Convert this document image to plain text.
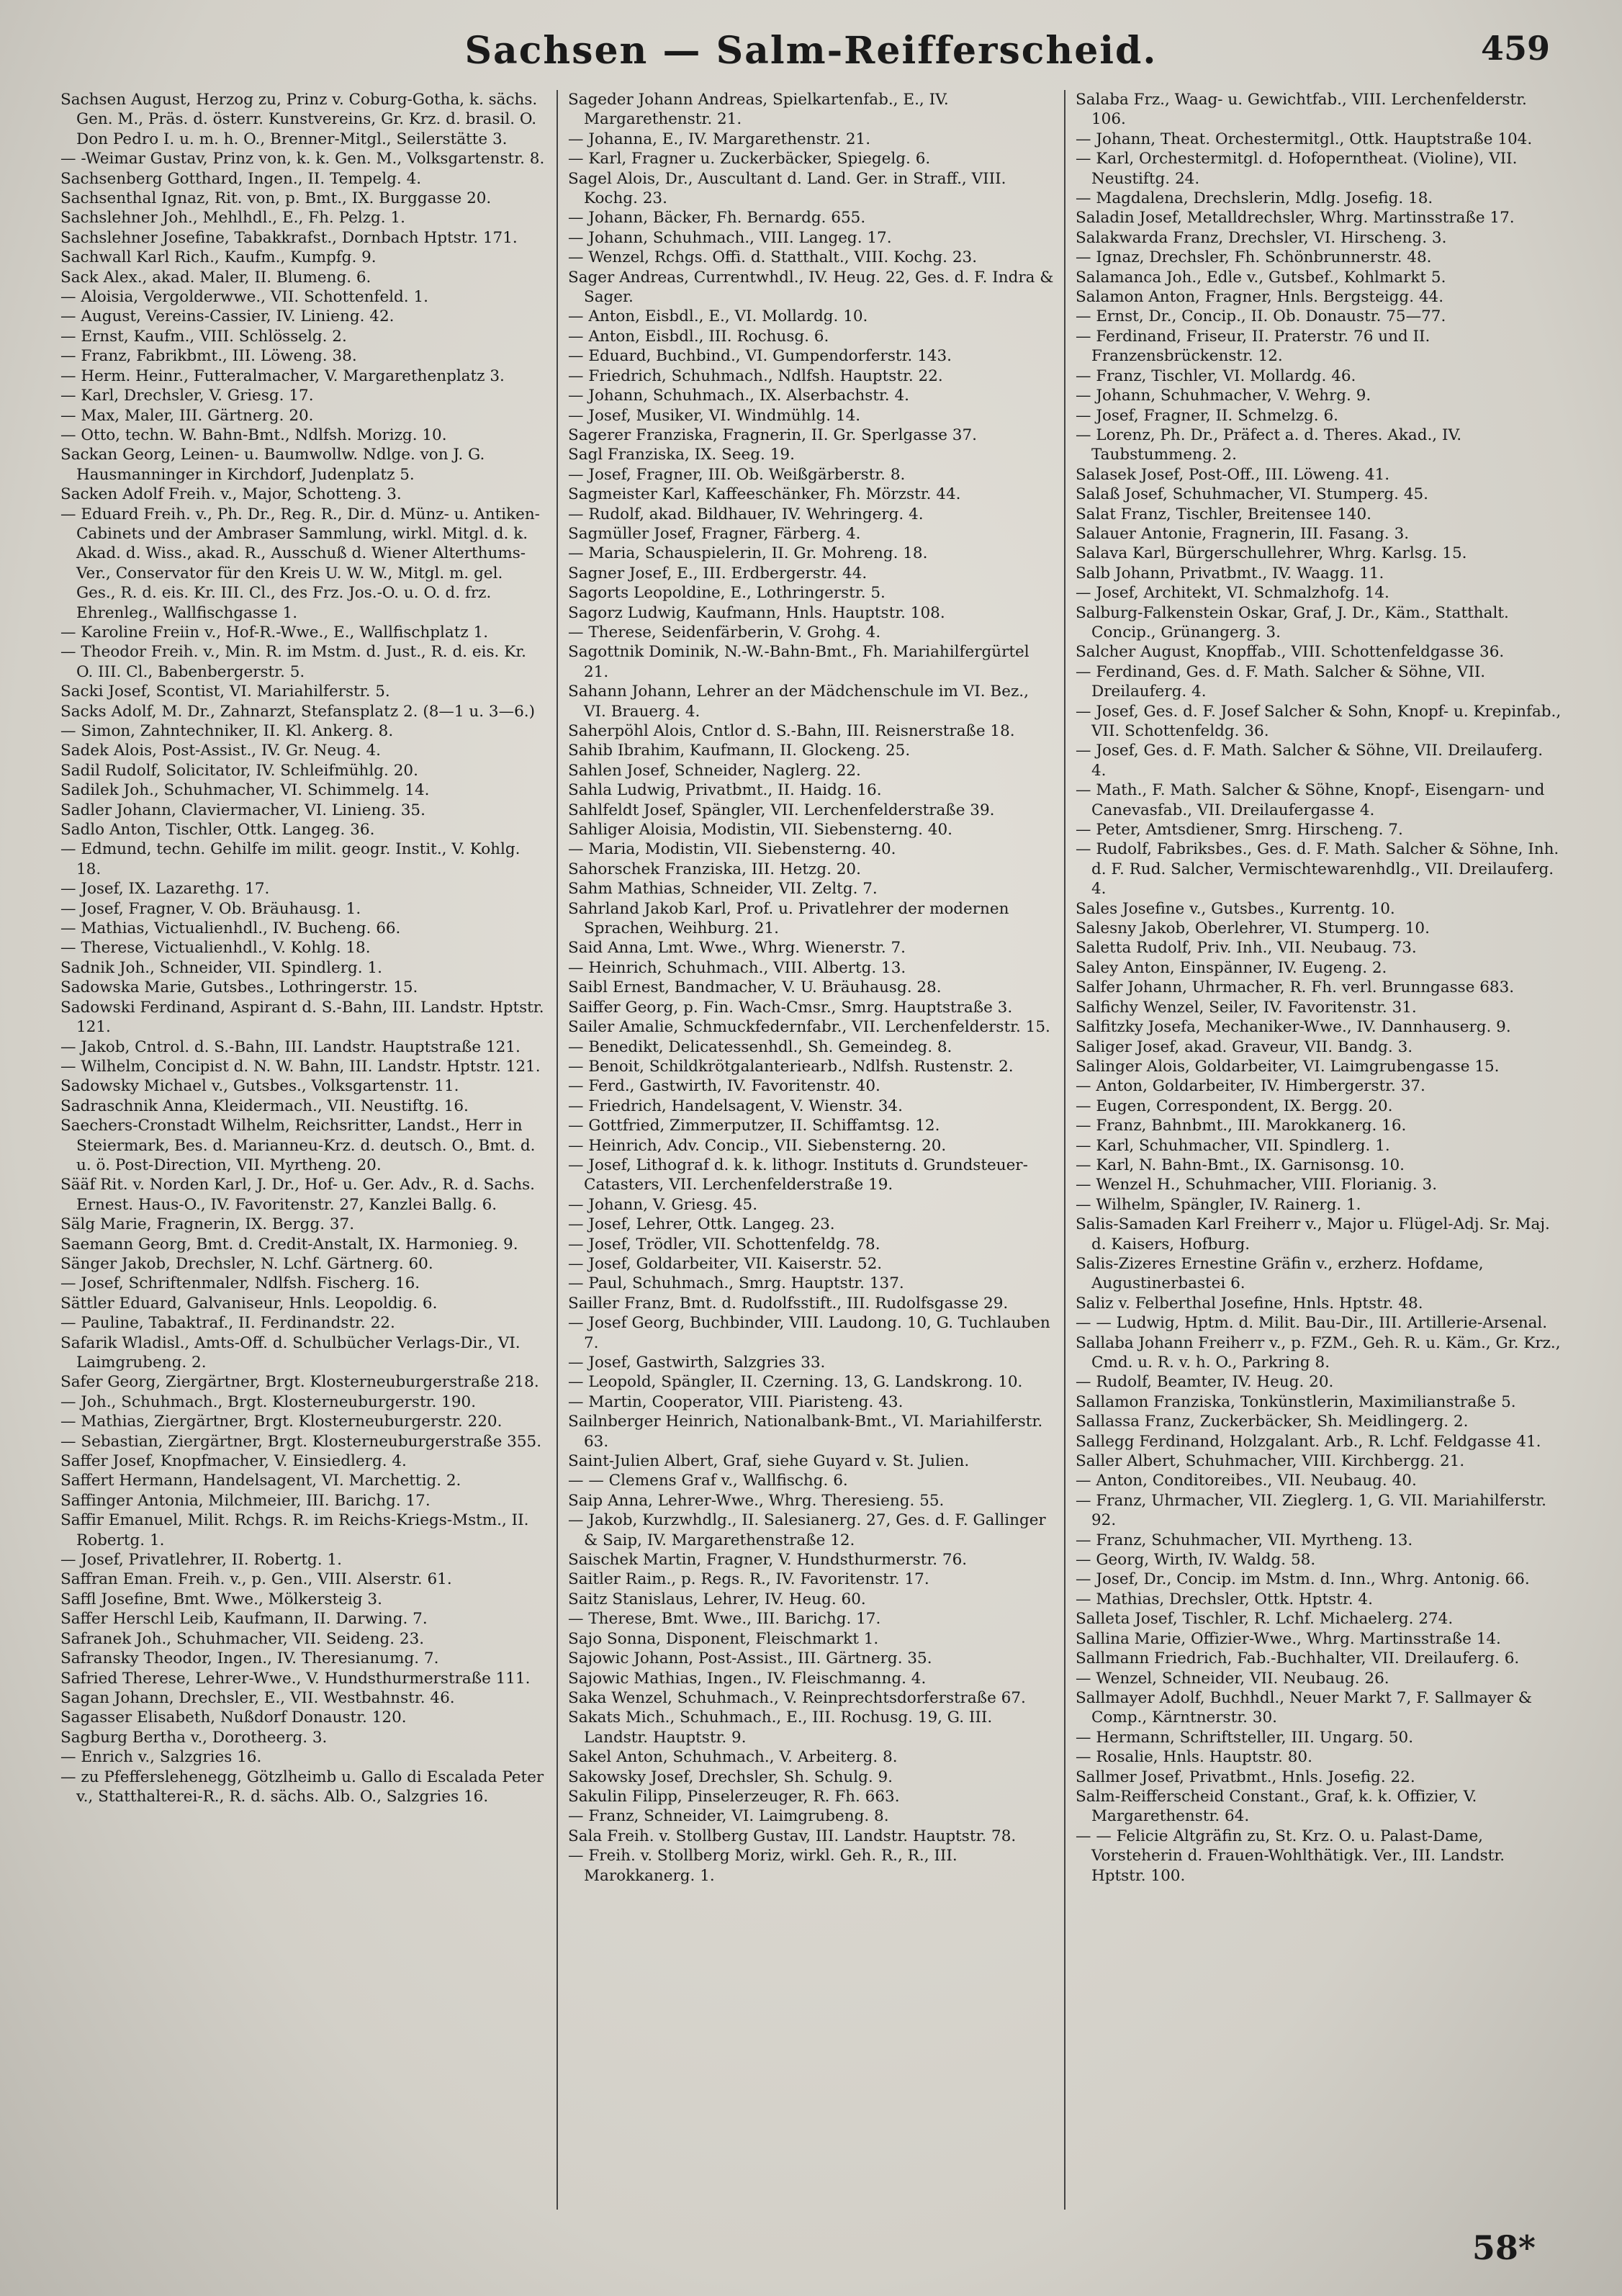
Sachsen — Salm-Reifferscheid.	459

Sachsen August, Herzog zu, Prinz v. Coburg-Gotha, k. sächs. Gen. M., Präs. d. österr. Kunstvereins, Gr. Krz. d. brasil. O. Don Pedro I. u. m. h. O., Brenner-Mitgl., Seilerstätte 3.

— -Weimar Gustav, Prinz von, k. k. Gen. M., Volksgartenstr. 8.

Sachsenberg Gotthard, Ingen., II. Tempelg. 4.

Sachsenthal Ignaz, Rit. von, p. Bmt., IX. Burggasse 20.

Sachslehner Joh., Mehlhdl., E., Fh. Pelzg. 1.

Sachslehner Josefine, Tabakkrafst., Dornbach Hptstr. 171.

Sachwall Karl Rich., Kaufm., Kumpfg. 9.

Sack Alex., akad. Maler, II. Blumeng. 6.

— Aloisia, Vergolderwwe., VII. Schottenfeld. 1.

— August, Vereins-Cassier, IV. Linieng. 42.

— Ernst, Kaufm., VIII. Schlösselg. 2.

— Franz, Fabrikbmt., III. Löweng. 38.

— Herm. Heinr., Futteralmacher, V. Margarethenplatz 3.

— Karl, Drechsler, V. Griesg. 17.

— Max, Maler, III. Gärtnerg. 20.

— Otto, techn. W. Bahn-Bmt., Ndlfsh. Morizg. 10.

Sackan Georg, Leinen- u. Baumwollw. Ndlge. von J. G. Hausmanninger in Kirchdorf, Judenplatz 5.

Sacken Adolf Freih. v., Major, Schotteng. 3.

— Eduard Freih. v., Ph. Dr., Reg. R., Dir. d. Münz- u. Antiken-Cabinets und der Ambraser Sammlung, wirkl. Mitgl. d. k. Akad. d. Wiss., akad. R., Ausschuß d. Wiener Alterthums-Ver., Conservator für den Kreis U. W. W., Mitgl. m. gel. Ges., R. d. eis. Kr. III. Cl., des Frz. Jos.-O. u. O. d. frz. Ehrenleg., Wallfischgasse 1.

— Karoline Freiin v., Hof-R.-Wwe., E., Wallfischplatz 1.

— Theodor Freih. v., Min. R. im Mstm. d. Just., R. d. eis. Kr. O. III. Cl., Babenbergerstr. 5.

Sacki Josef, Scontist, VI. Mariahilferstr. 5.

Sacks Adolf, M. Dr., Zahnarzt, Stefansplatz 2. (8—1 u. 3—6.)

— Simon, Zahntechniker, II. Kl. Ankerg. 8.

Sadek Alois, Post-Assist., IV. Gr. Neug. 4.

Sadil Rudolf, Solicitator, IV. Schleifmühlg. 20.

Sadilek Joh., Schuhmacher, VI. Schimmelg. 14.

Sadler Johann, Claviermacher, VI. Linieng. 35.

Sadlo Anton, Tischler, Ottk. Langeg. 36.

— Edmund, techn. Gehilfe im milit. geogr. Instit., V. Kohlg. 18.

— Josef, IX. Lazarethg. 17.

— Josef, Fragner, V. Ob. Bräuhausg. 1.

— Mathias, Victualienhdl., IV. Bucheng. 66.

— Therese, Victualienhdl., V. Kohlg. 18.

Sadnik Joh., Schneider, VII. Spindlerg. 1.

Sadowska Marie, Gutsbes., Lothringerstr. 15.

Sadowski Ferdinand, Aspirant d. S.-Bahn, III. Landstr. Hptstr. 121.

— Jakob, Cntrol. d. S.-Bahn, III. Landstr. Hauptstraße 121.

— Wilhelm, Concipist d. N. W. Bahn, III. Landstr. Hptstr. 121.

Sadowsky Michael v., Gutsbes., Volksgartenstr. 11.

Sadraschnik Anna, Kleidermach., VII. Neustiftg. 16.

Saechers-Cronstadt Wilhelm, Reichsritter, Landst., Herr in Steiermark, Bes. d. Marianneu-Krz. d. deutsch. O., Bmt. d. u. ö. Post-Direction, VII. Myrtheng. 20.

Sääf Rit. v. Norden Karl, J. Dr., Hof- u. Ger. Adv., R. d. Sachs. Ernest. Haus-O., IV. Favoritenstr. 27, Kanzlei Ballg. 6.

Sälg Marie, Fragnerin, IX. Bergg. 37.

Saemann Georg, Bmt. d. Credit-Anstalt, IX. Harmonieg. 9.

Sänger Jakob, Drechsler, N. Lchf. Gärtnerg. 60.

— Josef, Schriftenmaler, Ndlfsh. Fischerg. 16.

Sättler Eduard, Galvaniseur, Hnls. Leopoldig. 6.

— Pauline, Tabaktraf., II. Ferdinandstr. 22.

Safarik Wladisl., Amts-Off. d. Schulbücher Verlags-Dir., VI. Laimgrubeng. 2.

Safer Georg, Ziergärtner, Brgt. Klosterneuburgerstraße 218.

— Joh., Schuhmach., Brgt. Klosterneuburgerstr. 190.

— Mathias, Ziergärtner, Brgt. Klosterneuburgerstr. 220.

— Sebastian, Ziergärtner, Brgt. Klosterneuburgerstraße 355.

Saffer Josef, Knopfmacher, V. Einsiedlerg. 4.

Saffert Hermann, Handelsagent, VI. Marchettig. 2.

Saffinger Antonia, Milchmeier, III. Barichg. 17.

Saffir Emanuel, Milit. Rchgs. R. im Reichs-Kriegs-Mstm., II. Robertg. 1.

— Josef, Privatlehrer, II. Robertg. 1.

Saffran Eman. Freih. v., p. Gen., VIII. Alserstr. 61.

Saffl Josefine, Bmt. Wwe., Mölkersteig 3.

Saffer Herschl Leib, Kaufmann, II. Darwing. 7.

Safranek Joh., Schuhmacher, VII. Seideng. 23.

Safransky Theodor, Ingen., IV. Theresianumg. 7.

Safried Therese, Lehrer-Wwe., V. Hundsthurmerstraße 111.

Sagan Johann, Drechsler, E., VII. Westbahnstr. 46.

Sagasser Elisabeth, Nußdorf Donaustr. 120.

Sagburg Bertha v., Dorotheerg. 3.

— Enrich v., Salzgries 16.

— zu Pfefferslehenegg, Götzlheimb u. Gallo di Escalada Peter v., Statthalterei-R., R. d. sächs. Alb. O., Salzgries 16.

Sageder Johann Andreas, Spielkartenfab., E., IV. Margarethenstr. 21.

— Johanna, E., IV. Margarethenstr. 21.

— Karl, Fragner u. Zuckerbäcker, Spiegelg. 6.

Sagel Alois, Dr., Auscultant d. Land. Ger. in Straff., VIII. Kochg. 23.

— Johann, Bäcker, Fh. Bernardg. 655.

— Johann, Schuhmach., VIII. Langeg. 17.

— Wenzel, Rchgs. Offi. d. Statthalt., VIII. Kochg. 23.

Sager Andreas, Currentwhdl., IV. Heug. 22, Ges. d. F. Indra & Sager.

— Anton, Eisbdl., E., VI. Mollardg. 10.

— Anton, Eisbdl., III. Rochusg. 6.

— Eduard, Buchbind., VI. Gumpendorferstr. 143.

— Friedrich, Schuhmach., Ndlfsh. Hauptstr. 22.

— Johann, Schuhmach., IX. Alserbachstr. 4.

— Josef, Musiker, VI. Windmühlg. 14.

Sagerer Franziska, Fragnerin, II. Gr. Sperlgasse 37.

Sagl Franziska, IX. Seeg. 19.

— Josef, Fragner, III. Ob. Weißgärberstr. 8.

Sagmeister Karl, Kaffeeschänker, Fh. Mörzstr. 44.

— Rudolf, akad. Bildhauer, IV. Wehringerg. 4.

Sagmüller Josef, Fragner, Färberg. 4.

— Maria, Schauspielerin, II. Gr. Mohreng. 18.

Sagner Josef, E., III. Erdbergerstr. 44.

Sagorts Leopoldine, E., Lothringerstr. 5.

Sagorz Ludwig, Kaufmann, Hnls. Hauptstr. 108.

— Therese, Seidenfärberin, V. Grohg. 4.

Sagottnik Dominik, N.-W.-Bahn-Bmt., Fh. Mariahilfergürtel 21.

Sahann Johann, Lehrer an der Mädchenschule im VI. Bez., VI. Brauerg. 4.

Saherpöhl Alois, Cntlor d. S.-Bahn, III. Reisnerstraße 18.

Sahib Ibrahim, Kaufmann, II. Glockeng. 25.

Sahlen Josef, Schneider, Naglerg. 22.

Sahla Ludwig, Privatbmt., II. Haidg. 16.

Sahlfeldt Josef, Spängler, VII. Lerchenfelderstraße 39.

Sahliger Aloisia, Modistin, VII. Siebensterng. 40.

— Maria, Modistin, VII. Siebensterng. 40.

Sahorschek Franziska, III. Hetzg. 20.

Sahm Mathias, Schneider, VII. Zeltg. 7.

Sahrland Jakob Karl, Prof. u. Privatlehrer der modernen Sprachen, Weihburg. 21.

Said Anna, Lmt. Wwe., Whrg. Wienerstr. 7.

— Heinrich, Schuhmach., VIII. Albertg. 13.

Saibl Ernest, Bandmacher, V. U. Bräuhausg. 28.

Saiffer Georg, p. Fin. Wach-Cmsr., Smrg. Hauptstraße 3.

Sailer Amalie, Schmuckfedernfabr., VII. Lerchenfelderstr. 15.

— Benedikt, Delicatessenhdl., Sh. Gemeindeg. 8.

— Benoit, Schildkrötgalanteriearb., Ndlfsh. Rustenstr. 2.

— Ferd., Gastwirth, IV. Favoritenstr. 40.

— Friedrich, Handelsagent, V. Wienstr. 34.

— Gottfried, Zimmerputzer, II. Schiffamtsg. 12.

— Heinrich, Adv. Concip., VII. Siebensterng. 20.

— Josef, Lithograf d. k. k. lithogr. Instituts d. Grundsteuer-Catasters, VII. Lerchenfelderstraße 19.

— Johann, V. Griesg. 45.

— Josef, Lehrer, Ottk. Langeg. 23.

— Josef, Trödler, VII. Schottenfeldg. 78.

— Josef, Goldarbeiter, VII. Kaiserstr. 52.

— Paul, Schuhmach., Smrg. Hauptstr. 137.

Sailler Franz, Bmt. d. Rudolfsstift., III. Rudolfsgasse 29.

— Josef Georg, Buchbinder, VIII. Laudong. 10, G. Tuchlauben 7.

— Josef, Gastwirth, Salzgries 33.

— Leopold, Spängler, II. Czerning. 13, G. Landskrong. 10.

— Martin, Cooperator, VIII. Piaristeng. 43.

Sailnberger Heinrich, Nationalbank-Bmt., VI. Mariahilferstr. 63.

Saint-Julien Albert, Graf, siehe Guyard v. St. Julien.

— — Clemens Graf v., Wallfischg. 6.

Saip Anna, Lehrer-Wwe., Whrg. Theresieng. 55.

— Jakob, Kurzwhdlg., II. Salesianerg. 27, Ges. d. F. Gallinger & Saip, IV. Margarethenstraße 12.

Saischek Martin, Fragner, V. Hundsthurmerstr. 76.

Saitler Raim., p. Regs. R., IV. Favoritenstr. 17.

Saitz Stanislaus, Lehrer, IV. Heug. 60.

— Therese, Bmt. Wwe., III. Barichg. 17.

Sajo Sonna, Disponent, Fleischmarkt 1.

Sajowic Johann, Post-Assist., III. Gärtnerg. 35.

Sajowic Mathias, Ingen., IV. Fleischmanng. 4.

Saka Wenzel, Schuhmach., V. Reinprechtsdorferstraße 67.

Sakats Mich., Schuhmach., E., III. Rochusg. 19, G. III. Landstr. Hauptstr. 9.

Sakel Anton, Schuhmach., V. Arbeiterg. 8.

Sakowsky Josef, Drechsler, Sh. Schulg. 9.

Sakulin Filipp, Pinselerzeuger, R. Fh. 663.

— Franz, Schneider, VI. Laimgrubeng. 8.

Sala Freih. v. Stollberg Gustav, III. Landstr. Hauptstr. 78.

— Freih. v. Stollberg Moriz, wirkl. Geh. R., R., III. Marokkanerg. 1.

Salaba Frz., Waag- u. Gewichtfab., VIII. Lerchenfelderstr. 106.

— Johann, Theat. Orchestermitgl., Ottk. Hauptstraße 104.

— Karl, Orchestermitgl. d. Hofoperntheat. (Violine), VII. Neustiftg. 24.

— Magdalena, Drechslerin, Mdlg. Josefig. 18.

Saladin Josef, Metalldrechsler, Whrg. Martinsstraße 17.

Salakwarda Franz, Drechsler, VI. Hirscheng. 3.

— Ignaz, Drechsler, Fh. Schönbrunnerstr. 48.

Salamanca Joh., Edle v., Gutsbef., Kohlmarkt 5.

Salamon Anton, Fragner, Hnls. Bergsteigg. 44.

— Ernst, Dr., Concip., II. Ob. Donaustr. 75—77.

— Ferdinand, Friseur, II. Praterstr. 76 und II. Franzensbrückenstr. 12.

— Franz, Tischler, VI. Mollardg. 46.

— Johann, Schuhmacher, V. Wehrg. 9.

— Josef, Fragner, II. Schmelzg. 6.

— Lorenz, Ph. Dr., Präfect a. d. Theres. Akad., IV. Taubstummeng. 2.

Salasek Josef, Post-Off., III. Löweng. 41.

Salaß Josef, Schuhmacher, VI. Stumperg. 45.

Salat Franz, Tischler, Breitensee 140.

Salauer Antonie, Fragnerin, III. Fasang. 3.

Salava Karl, Bürgerschullehrer, Whrg. Karlsg. 15.

Salb Johann, Privatbmt., IV. Waagg. 11.

— Josef, Architekt, VI. Schmalzhofg. 14.

Salburg-Falkenstein Oskar, Graf, J. Dr., Käm., Statthalt. Concip., Grünangerg. 3.

Salcher August, Knopffab., VIII. Schottenfeldgasse 36.

— Ferdinand, Ges. d. F. Math. Salcher & Söhne, VII. Dreilauferg. 4.

— Josef, Ges. d. F. Josef Salcher & Sohn, Knopf- u. Krepinfab., VII. Schottenfeldg. 36.

— Josef, Ges. d. F. Math. Salcher & Söhne, VII. Dreilauferg. 4.

— Math., F. Math. Salcher & Söhne, Knopf-, Eisengarn- und Canevasfab., VII. Dreilaufergasse 4.

— Peter, Amtsdiener, Smrg. Hirscheng. 7.

— Rudolf, Fabriksbes., Ges. d. F. Math. Salcher & Söhne, Inh. d. F. Rud. Salcher, Vermischtewarenhdlg., VII. Dreilauferg. 4.

Sales Josefine v., Gutsbes., Kurrentg. 10.

Salesny Jakob, Oberlehrer, VI. Stumperg. 10.

Saletta Rudolf, Priv. Inh., VII. Neubaug. 73.

Saley Anton, Einspänner, IV. Eugeng. 2.

Salfer Johann, Uhrmacher, R. Fh. verl. Brunngasse 683.

Salfichy Wenzel, Seiler, IV. Favoritenstr. 31.

Salfitzky Josefa, Mechaniker-Wwe., IV. Dannhauserg. 9.

Saliger Josef, akad. Graveur, VII. Bandg. 3.

Salinger Alois, Goldarbeiter, VI. Laimgrubengasse 15.

— Anton, Goldarbeiter, IV. Himbergerstr. 37.

— Eugen, Correspondent, IX. Bergg. 20.

— Franz, Bahnbmt., III. Marokkanerg. 16.

— Karl, Schuhmacher, VII. Spindlerg. 1.

— Karl, N. Bahn-Bmt., IX. Garnisonsg. 10.

— Wenzel H., Schuhmacher, VIII. Florianig. 3.

— Wilhelm, Spängler, IV. Rainerg. 1.

Salis-Samaden Karl Freiherr v., Major u. Flügel-Adj. Sr. Maj. d. Kaisers, Hofburg.

Salis-Zizeres Ernestine Gräfin v., erzherz. Hofdame, Augustinerbastei 6.

Saliz v. Felberthal Josefine, Hnls. Hptstr. 48.

— — Ludwig, Hptm. d. Milit. Bau-Dir., III. Artillerie-Arsenal.

Sallaba Johann Freiherr v., p. FZM., Geh. R. u. Käm., Gr. Krz., Cmd. u. R. v. h. O., Parkring 8.

— Rudolf, Beamter, IV. Heug. 20.

Sallamon Franziska, Tonkünstlerin, Maximilianstraße 5.

Sallassa Franz, Zuckerbäcker, Sh. Meidlingerg. 2.

Sallegg Ferdinand, Holzgalant. Arb., R. Lchf. Feldgasse 41.

Saller Albert, Schuhmacher, VIII. Kirchbergg. 21.

— Anton, Conditoreibes., VII. Neubaug. 40.

— Franz, Uhrmacher, VII. Zieglerg. 1, G. VII. Mariahilferstr. 92.

— Franz, Schuhmacher, VII. Myrtheng. 13.

— Georg, Wirth, IV. Waldg. 58.

— Josef, Dr., Concip. im Mstm. d. Inn., Whrg. Antonig. 66.

— Mathias, Drechsler, Ottk. Hptstr. 4.

Salleta Josef, Tischler, R. Lchf. Michaelerg. 274.

Sallina Marie, Offizier-Wwe., Whrg. Martinsstraße 14.

Sallmann Friedrich, Fab.-Buchhalter, VII. Dreilauferg. 6.

— Wenzel, Schneider, VII. Neubaug. 26.

Sallmayer Adolf, Buchhdl., Neuer Markt 7, F. Sallmayer & Comp., Kärntnerstr. 30.

— Hermann, Schriftsteller, III. Ungarg. 50.

— Rosalie, Hnls. Hauptstr. 80.

Sallmer Josef, Privatbmt., Hnls. Josefig. 22.

Salm-Reifferscheid Constant., Graf, k. k. Offizier, V. Margarethenstr. 64.

— — Felicie Altgräfin zu, St. Krz. O. u. Palast-Dame, Vorsteherin d. Frauen-Wohlthätigk. Ver., III. Landstr. Hptstr. 100.

58*
